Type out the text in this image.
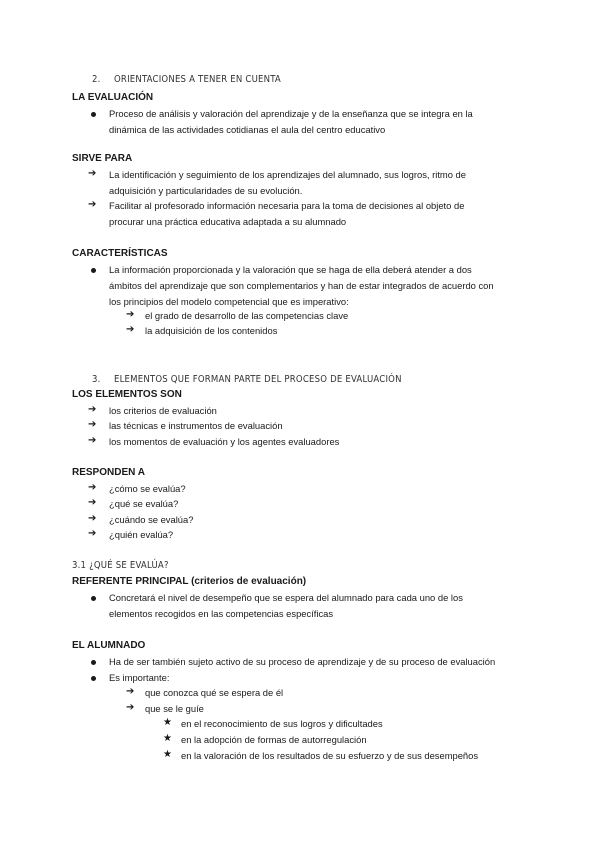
2. ORIENTACIONES A TENER EN CUENTA
LA EVALUACIÓN
Proceso de análisis y valoración del aprendizaje y de la enseñanza que se integra en la
dinámica de las actividades cotidianas el aula del centro educativo
SIRVE PARA
➔ La identificación y seguimiento de los aprendizajes del alumnado, sus logros, ritmo de
adquisición y particularidades de su evolución.
➔ Facilitar al profesorado información necesaria para la toma de decisiones al objeto de
procurar una práctica educativa adaptada a su alumnado
CARACTERÍSTICAS
La información proporcionada y la valoración que se haga de ella deberá atender a dos
ámbitos del aprendizaje que son complementarios y han de estar integrados de acuerdo con
los principios del modelo competencial que es imperativo:
➔ el grado de desarrollo de las competencias clave
➔ la adquisición de los contenidos
3. ELEMENTOS QUE FORMAN PARTE DEL PROCESO DE EVALUACIÓN
LOS ELEMENTOS SON
➔ los criterios de evaluación
➔ las técnicas e instrumentos de evaluación
➔ los momentos de evaluación y los agentes evaluadores
RESPONDEN A
➔ ¿cómo se evalúa?
➔ ¿qué se evalúa?
➔ ¿cuándo se evalúa?
➔ ¿quién evalúa?
3.1 ¿QUÉ SE EVALÚA?
REFERENTE PRINCIPAL (criterios de evaluación)
Concretará el nivel de desempeño que se espera del alumnado para cada uno de los
elementos recogidos en las competencias específicas
EL ALUMNADO
Ha de ser también sujeto activo de su proceso de aprendizaje y de su proceso de evaluación
Es importante:
➔ que conozca qué se espera de él
➔ que se le guíe
★ en el reconocimiento de sus logros y dificultades
★ en la adopción de formas de autorregulación
★ en la valoración de los resultados de su esfuerzo y de sus desempeños
